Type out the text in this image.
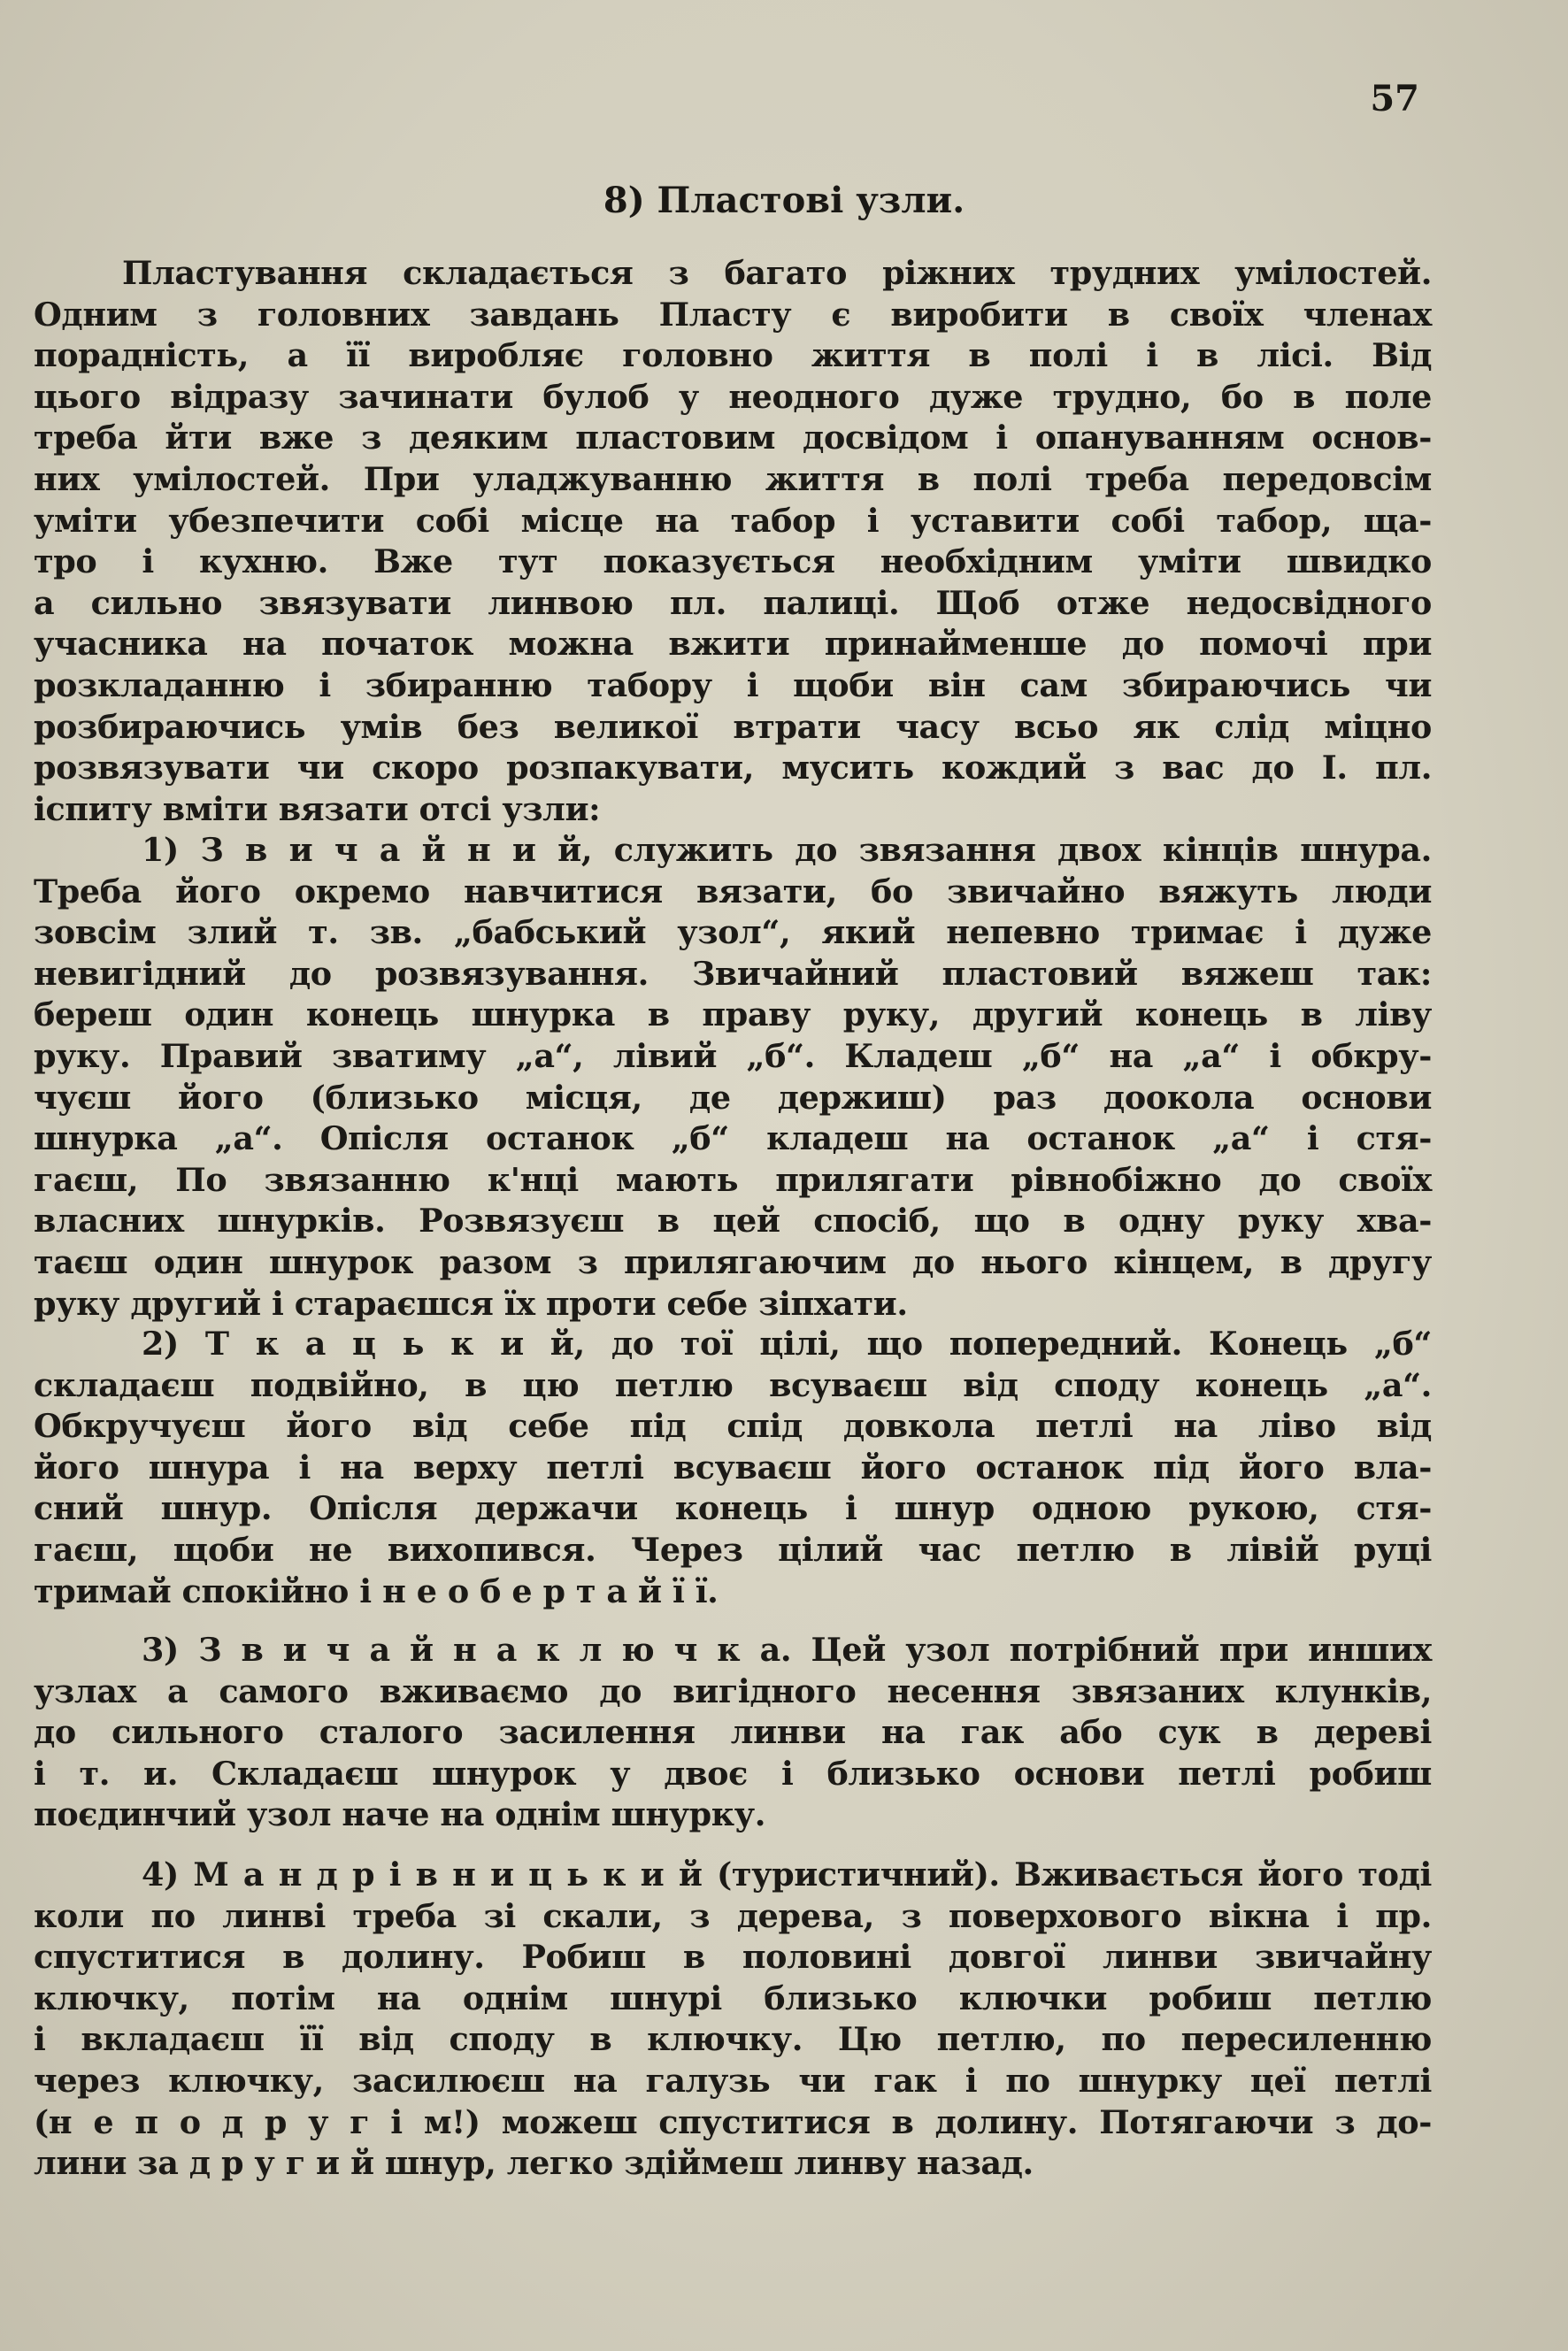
57
8) Пластові узли.
Пластування складається з багато ріжних трудних умілостей.
Одним з головних завдань Пласту є виробити в своїх членах
порадність, а її виробляє головно життя в полі і в лісі. Від
цього відразу зачинати булоб у неодного дуже трудно, бо в поле
треба йти вже з деяким пластовим досвідом і опануванням основ-
них умілостей. При уладжуванню життя в полі треба передовсім
уміти убезпечити собі місце на табор і уставити собі табор, ща-
тро і кухню. Вже тут показується необхідним уміти швидко
а сильно звязувати линвою пл. палиці. Щоб отже недосвідного
учасника на початок можна вжити принайменше до помочі при
розкладанню і збиранню табору і щоби він сам збираючись чи
розбираючись умів без великої втрати часу всьо як слід міцно
розвязувати чи скоро розпакувати, мусить кождий з вас до І. пл.
іспиту вміти вязати отсі узли:
1) З в и ч а й н и й, служить до звязання двох кінців шнура.
Треба його окремо навчитися вязати, бо звичайно вяжуть люди
зовсім злий т. зв. „бабський узол“, який непевно тримає і дуже
невигідний до розвязування. Звичайний пластовий вяжеш так:
береш один конець шнурка в праву руку, другий конець в ліву
руку. Правий зватиму „а“, лівий „б“. Кладеш „б“ на „а“ і обкру-
чуєш його (близько місця, де держиш) раз доокола основи
шнурка „а“. Опісля останок „б“ кладеш на останок „а“ і стя-
гаєш, По звязанню к'нці мають прилягати рівнобіжно до своїх
власних шнурків. Розвязуєш в цей спосіб, що в одну руку хва-
таєш один шнурок разом з прилягаючим до нього кінцем, в другу
руку другий і стараєшся їх проти себе зіпхати.
2) Т к а ц ь к и й, до тої цілі, що попередний. Конець „б“
складаєш подвійно, в цю петлю всуваєш від споду конець „а“.
Обкручуєш його від себе під спід довкола петлі на ліво від
його шнура і на верху петлі всуваєш його останок під його вла-
сний шнур. Опісля держачи конець і шнур одною рукою, стя-
гаєш, щоби не вихопився. Через цілий час петлю в лівій руці
тримай спокійно і н е о б е р т а й ї ї.
3) З в и ч а й н а к л ю ч к а. Цей узол потрібний при инших
узлах а самого вживаємо до вигідного несення звязаних клунків,
до сильного сталого засилення линви на гак або сук в дереві
і т. и. Складаєш шнурок у двоє і близько основи петлі робиш
поєдинчий узол наче на однім шнурку.
4) М а н д р і в н и ц ь к и й (туристичний). Вживається його тоді
коли по линві треба зі скали, з дерева, з поверхового вікна і пр.
спуститися в долину. Робиш в половині довгої линви звичайну
ключку, потім на однім шнурі близько ключки робиш петлю
і вкладаєш її від споду в ключку. Цю петлю, по пересиленню
через ключку, засилюєш на галузь чи гак і по шнурку цеї петлі
(н е п о д р у г і м!) можеш спуститися в долину. Потягаючи з до-
лини за д р у г и й шнур, легко здіймеш линву назад.
